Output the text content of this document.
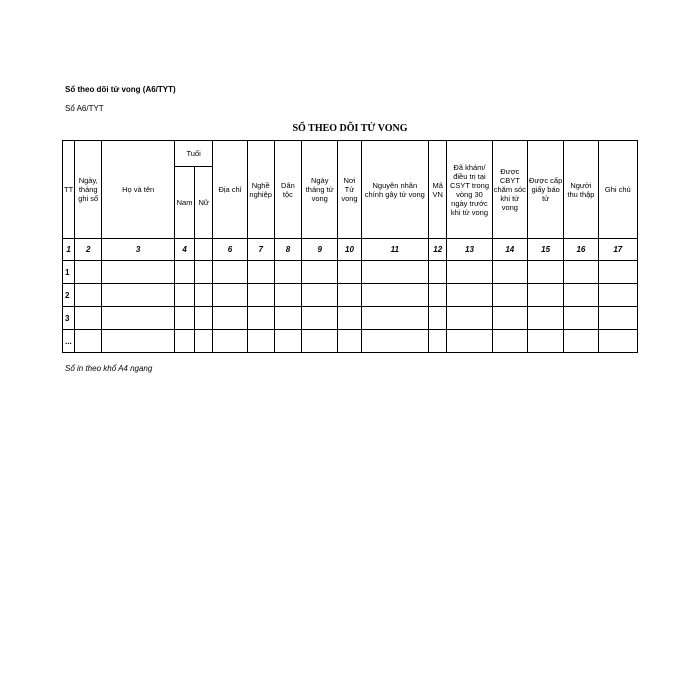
Sổ theo dõi tử vong (A6/TYT)
Sổ A6/TYT
SỔ THEO DÕI TỬ VONG
TT	Ngày, tháng ghi sổ	Họ và tên	Tuổi		Địa chỉ	Nghề nghiệp	Dân tộc	Ngày tháng tử vong	Nơi Tử vong	Nguyên nhân chính gây tử vong	Mã VN	Đã khám/điều trị tại CSYT trong vòng 30 ngày trước khi tử vong	Được CBYT chăm sóc khi tử vong	Được cấp giấy báo tử	Người thu thập	Ghi chú
			Nam	Nữ												
1	2	3	4		6	7	8	9	10	11	12	13	14	15	16	17
1																
2																
3																
...																
Sổ in theo khổ A4 ngang
